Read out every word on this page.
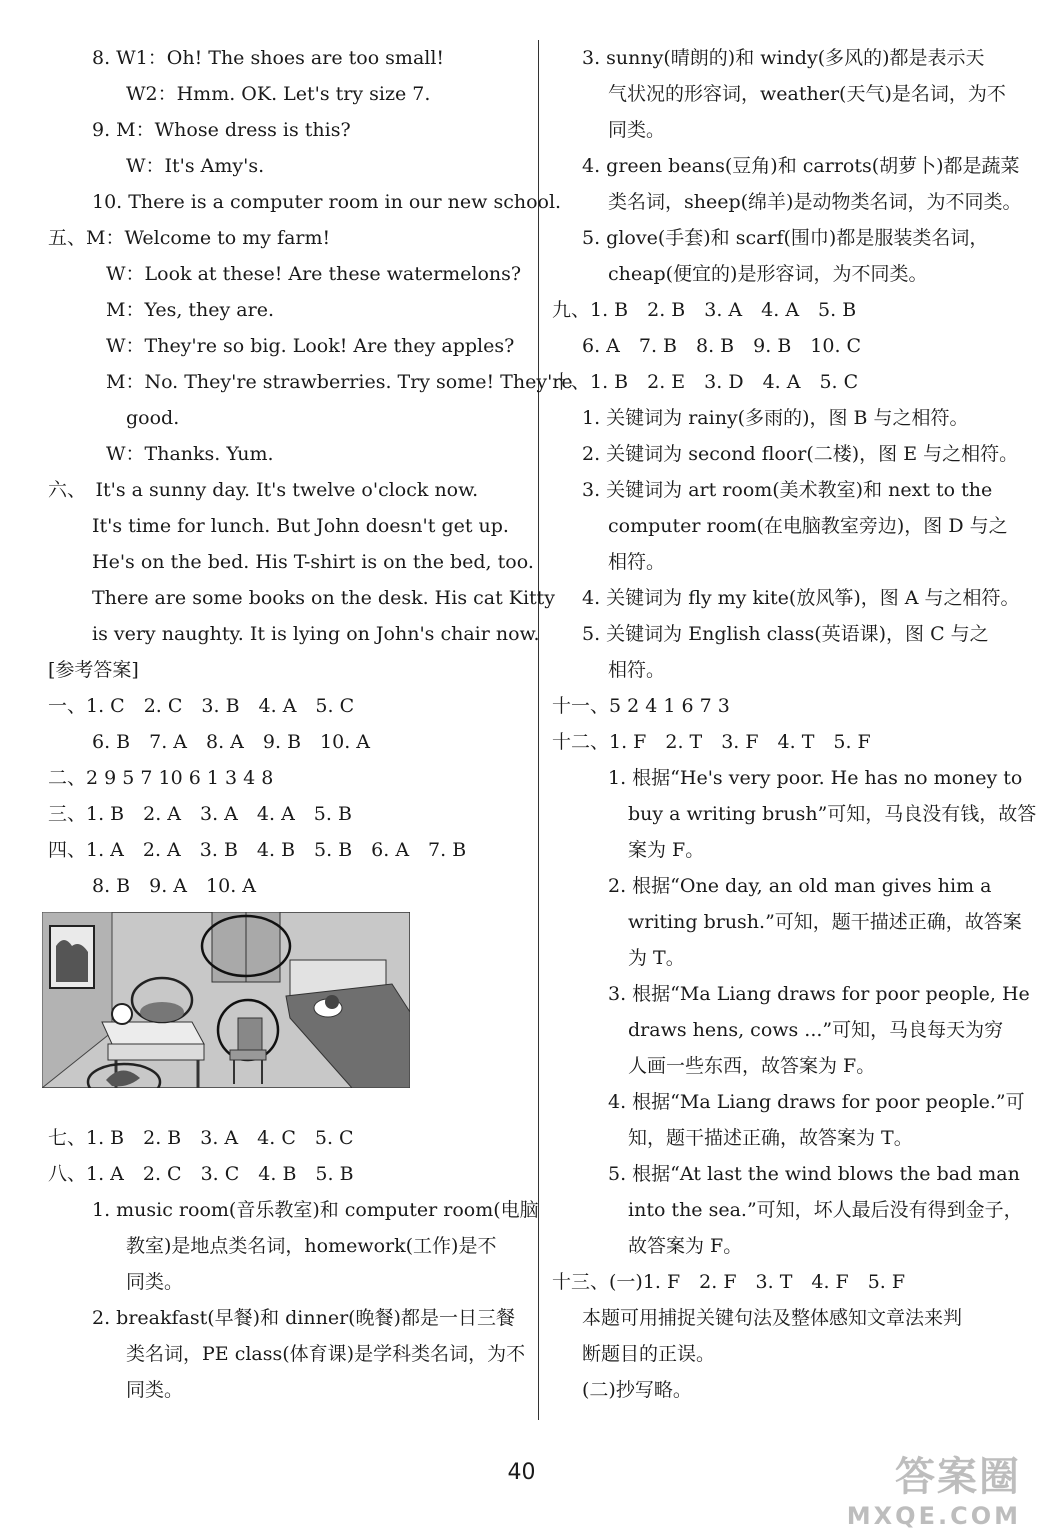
8. W1：Oh! The shoes are too small!
W2：Hmm. OK. Let's try size 7.
9. M：Whose dress is this?
W：It's Amy's.
10. There is a computer room in our new school.
五、M：Welcome to my farm!
W：Look at these! Are these watermelons?
M：Yes, they are.
W：They're so big. Look! Are they apples?
M：No. They're strawberries. Try some! They're
good.
W：Thanks. Yum.
六、　It's a sunny day. It's twelve o'clock now.
It's time for lunch. But John doesn't get up.
He's on the bed. His T-shirt is on the bed, too.
There are some books on the desk. His cat Kitty
is very naughty. It is lying on John's chair now.
[参考答案]
一、1. C　2. C　3. B　4. A　5. C
6. B　7. A　8. A　9. B　10. A
二、2 9 5 7 10 6 1 3 4 8
三、1. B　2. A　3. A　4. A　5. B
四、1. A　2. A　3. B　4. B　5. B　6. A　7. B
8. B　9. A　10. A
七、1. B　2. B　3. A　4. C　5. C
八、1. A　2. C　3. C　4. B　5. B
1. music room(音乐教室)和 computer room(电脑
教室)是地点类名词，homework(工作)是不
同类。
2. breakfast(早餐)和 dinner(晚餐)都是一日三餐
类名词，PE class(体育课)是学科类名词，为不
同类。
3. sunny(晴朗的)和 windy(多风的)都是表示天
气状况的形容词，weather(天气)是名词，为不
同类。
4. green beans(豆角)和 carrots(胡萝卜)都是蔬菜
类名词，sheep(绵羊)是动物类名词，为不同类。
5. glove(手套)和 scarf(围巾)都是服装类名词，
cheap(便宜的)是形容词，为不同类。
九、1. B　2. B　3. A　4. A　5. B
6. A　7. B　8. B　9. B　10. C
十、1. B　2. E　3. D　4. A　5. C
1. 关键词为 rainy(多雨的)，图 B 与之相符。
2. 关键词为 second floor(二楼)，图 E 与之相符。
3. 关键词为 art room(美术教室)和 next to the
computer room(在电脑教室旁边)，图 D 与之
相符。
4. 关键词为 fly my kite(放风筝)，图 A 与之相符。
5. 关键词为 English class(英语课)，图 C 与之
相符。
十一、5 2 4 1 6 7 3
十二、1. F　2. T　3. F　4. T　5. F
1. 根据“He's very poor. He has no money to
buy a writing brush”可知，马良没有钱，故答
案为 F。
2. 根据“One day, an old man gives him a
writing brush.”可知，题干描述正确，故答案
为 T。
3. 根据“Ma Liang draws for poor people, He
draws hens, cows ...”可知，马良每天为穷
人画一些东西，故答案为 F。
4. 根据“Ma Liang draws for poor people.”可
知，题干描述正确，故答案为 T。
5. 根据“At last the wind blows the bad man
into the sea.”可知，坏人最后没有得到金子，
故答案为 F。
十三、(一)1. F　2. F　3. T　4. F　5. F
本题可用捕捉关键句法及整体感知文章法来判
断题目的正误。
(二)抄写略。
40	答案圈
MXQE.COM
